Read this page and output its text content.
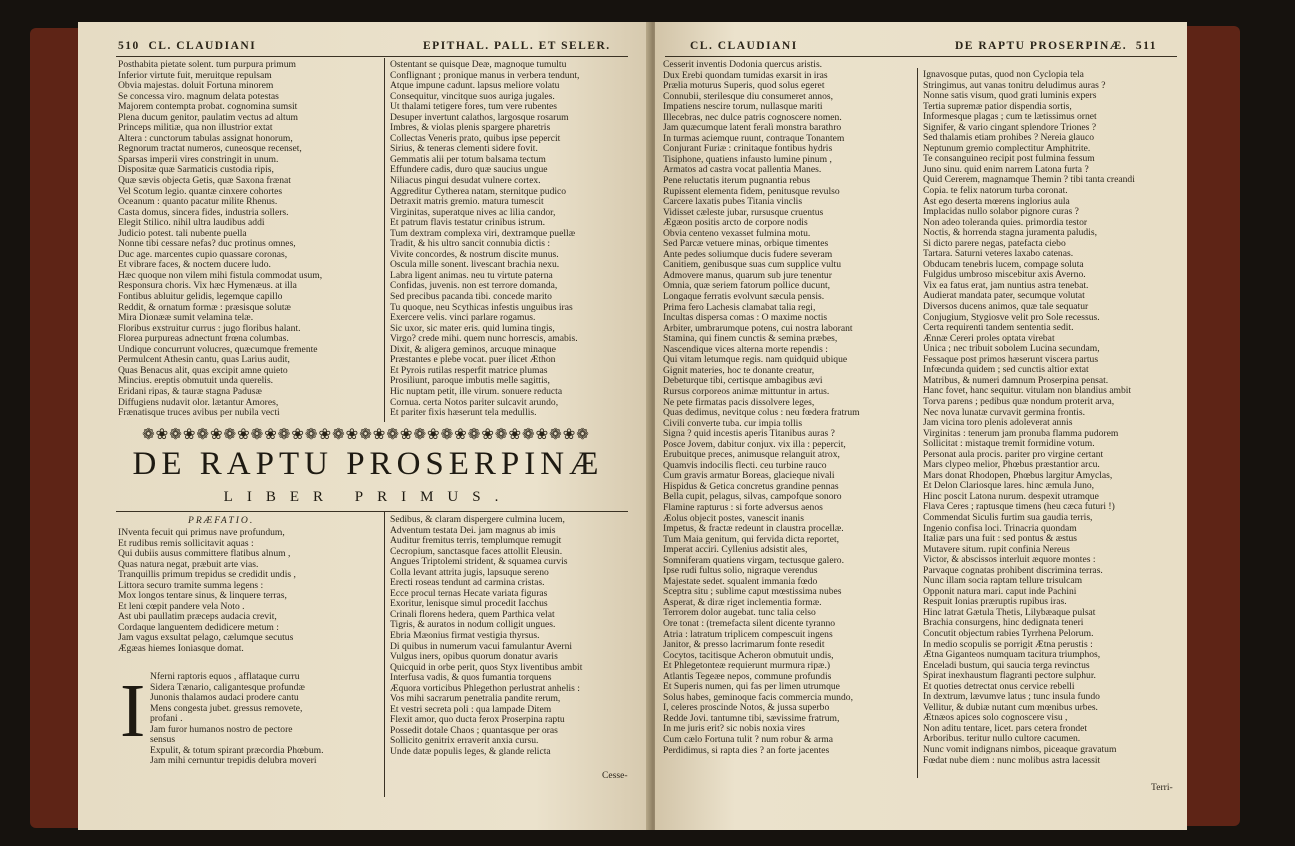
510 CL. CLAUDIANI	EPITHAL. PALL. ET SELER.
Posthabita pietate solent. tum purpura primum
Inferior virtute fuit, meruitque repulsam
Obvia majestas. doluit Fortuna minorem
Se concessa viro. magnum delata potestas
Majorem contempta probat. cognomina sumsit
Plena ducum genitor, paulatim vectus ad altum
Princeps militiæ, qua non illustrior extat
Altera : cunctorum tabulas assignat honorum,
Regnorum tractat numeros, cuneosque recenset,
Sparsas imperii vires constringit in unum.
Dispositæ quæ Sarmaticis custodia ripis,
Quæ sævis objecta Getis, quæ Saxona frænat
Vel Scotum legio. quantæ cinxere cohortes
Oceanum : quanto pacatur milite Rhenus.
Casta domus, sincera fides, industria sollers.
Elegit Stilico. nihil ultra laudibus addi
Judicio potest. tali nubente puella
Nonne tibi cessare nefas? duc protinus omnes,
Duc age. marcentes cupio quassare coronas,
Et vibrare faces, & noctem ducere ludo.
Hæc quoque non vilem mihi fistula commodat usum,
Responsura choris. Vix hæc Hymenæus. at illa
Fontibus abluitur gelidis, legemque capillo
Reddit, & ornatum formæ : præsisque solutæ
Mira Dionææ sumit velamina telæ.
Floribus exstruitur currus : jugo floribus halant.
Florea purpureas adnectunt frœna columbas.
Undique concurrunt volucres, quæcumque fremente
Permulcent Athesin cantu, quas Larius audit,
Quas Benacus alit, quas excipit amne quieto
Mincius. ereptis obmutuit unda querelis.
Eridani ripas, & tauræ stagna Padusæ
Diffugiens nudavit olor. lætantur Amores,
Frænatisque truces avibus per nubila vecti
Ostentant se quisque Deæ, magnoque tumultu
Conflignant ; pronique manus in verbera tendunt,
Atque impune cadunt. lapsus meliore volatu
Consequitur, vincitque suos auriga jugales.
Ut thalami tetigere fores, tum vere rubentes
Desuper invertunt calathos, largosque rosarum
Imbres, & violas plenis spargere pharetris
Collectas Veneris prato, quibus ipse pepercit
Sirius, & teneras clementi sidere fovit.
Gemmatis alii per totum balsama tectum
Effundere cadis, duro quæ saucius ungue
Niliacus pingui desudat vulnere cortex.
Aggreditur Cytherea natam, sternitque pudico
Detraxit matris gremio. matura tumescit
Virginitas, superatque nives ac lilia candor,
Et patrum flavis testatur crinibus istrum.
Tum dextram complexa viri, dextramque puellæ
Tradit, & his ultro sancit connubia dictis :
Vivite concordes, & nostrum discite munus.
Oscula mille sonent. livescant brachia nexu.
Labra ligent animas. neu tu virtute paterna
Confidas, juvenis. non est terrore domanda,
Sed precibus pacanda tibi. concede marito
Tu quoque, neu Scythicas infestis unguibus iras
Exercere velis. vinci parlare rogamus.
Sic uxor, sic mater eris. quid lumina tingis,
Virgo? crede mihi. quem nunc horrescis, amabis.
Dixit, & aligera geminos, arcuque minaque
Præstantes e plebe vocat. puer ilicet Æthon
Et Pyrois rutilas resperfit matrice plumas
Prosiliunt, paroque imbutis melle sagittis,
Hic nuptam petit, ille virum. sonuere reducta
Cornua. certa Notos pariter sulcavit arundo,
Et pariter fixis hæserunt tela medullis.
❁❀❁❀❁❀❁❀❁❀❁❀❁❀❁❀❁❀❁❀❁❀❁❀❁❀❁❀❁❀❁❀❁
DE RAPTU PROSERPINÆ
LIBER PRIMUS.
PRÆFATIO.
INventa fecuit qui primus nave profundum,
Et rudibus remis sollicitavit aquas :
Qui dubiis ausus committere flatibus alnum ,
Quas natura negat, præbuit arte vias.
Tranquillis primum trepidus se credidit undis ,
Littora securo tramite summa legens :
Mox longos tentare sinus, & linquere terras,
Et leni cœpit pandere vela Noto .
Ast ubi paullatim præceps audacia crevit,
Cordaque languentem dedidicere metum :
Jam vagus exsultat pelago, cælumque secutus
Ægæas hiemes Ioniasque domat.
I Nferni raptoris equos , afflataque curru
Sidera Tænario, caligantesque profundæ
Junonis thalamos audaci prodere cantu
Mens congesta jubet. gressus removete,
profani .
Jam furor humanos nostro de pectore
sensus
Expulit, & totum spirant præcordia Phœbum.
Jam mihi cernuntur trepidis delubra moveri
Sedibus, & claram dispergere culmina lucem,
Adventum testata Dei. jam magnus ab imis
Auditur fremitus terris, templumque remugit
Cecropium, sanctasque faces attollit Eleusin.
Angues Triptolemi strident, & squamea curvis
Colla levant attrita jugis, lapsuque sereno
Erecti roseas tendunt ad carmina cristas.
Ecce procul ternas Hecate variata figuras
Exoritur, lenisque simul procedit Iacchus
Crinali florens hedera, quem Parthica velat
Tigris, & auratos in nodum colligit ungues.
Ebria Mæonius firmat vestigia thyrsus.
Di quibus in numerum vacui famulantur Averni
Vulgus iners, opibus quorum donatur avaris
Quicquid in orbe perit, quos Styx liventibus ambit
Interfusa vadis, & quos fumantia torquens
Æquora vorticibus Phlegethon perlustrat anhelis :
Vos mihi sacrarum penetralia pandite rerum,
Et vestri secreta poli : qua lampade Ditem
Flexit amor, quo ducta ferox Proserpina raptu
Possedit dotale Chaos ; quantasque per oras
Sollicito genitrix erraverit anxia cursu.
Unde datæ populis leges, & glande relicta
Cesse-
CL. CLAUDIANI	DE RAPTU PROSERPINÆ. 511
Cesserit inventis Dodonia quercus aristis.
Dux Erebi quondam tumidas exarsit in iras
Prælia moturus Superis, quod solus egeret
Connubii, sterilesque diu consumeret annos,
Impatiens nescire torum, nullasque mariti
Illecebras, nec dulce patris cognoscere nomen.
Jam quæcumque latent feralì monstra barathro
In turmas aciemque ruunt, contraque Tonantem
Conjurant Furiæ : crinitaque fontibus hydris
Tisiphone, quatiens infausto lumine pinum ,
Armatos ad castra vocat pallentia Manes.
Pene reluctatis iterum pugnantia rebus
Rupissent elementa fidem, penitusque revulso
Carcere laxatis pubes Titania vinclis
Vidisset cælestе jubar, rursusque cruentus
Ægæon positis arcto de corpore nodis
Obvia centeno vexasset fulmina motu.
Sed Parcæ vetuere minas, orbique timentes
Ante pedes soliumque ducis fudere severam
Canitiem, genibusque suas cum supplice vultu
Admovere manus, quarum sub jure tenentur
Omnia, quæ seriem fatorum pollice ducunt,
Longaque ferratis evolvunt sæcula pensis.
Prima fero Lachesis clamabat talia regi,
Incultas dispersa comas : O maxime noctis
Arbiter, umbrarumque potens, cui nostra laborant
Stamina, qui finem cunctis & semina præbes,
Nascendique vices alterna morte rependis :
Qui vitam letumque regis. nam quidquid ubique
Gignit materies, hoc te donante creatur,
Debeturque tibi, certisque ambagibus ævi
Rursus corporeos animæ mittuntur in artus.
Ne pete firmatas pacis dissolvere leges,
Quas dedimus, nevitque colus : neu fœdera fratrum
Civili converte tuba. cur impia tollis
Signa ? quid incestis aperis Titanibus auras ?
Posce Jovem, dabitur conjux. vix illa : pepercit,
Erubuitque preces, animusque relanguit atrox,
Quamvis indocilis flecti. ceu turbine rauco
Cum gravis armatur Boreas, glacieque nivali
Hispidus & Getica concretus grandine pennas
Bella cupit, pelagus, silvas, campofque sonoro
Flamine rapturus : si forte adversus aenos
Æolus objecit postes, vanescit inanis
Impetus, & fractæ redeunt in claustra procellæ.
Tum Maia genitum, qui fervida dicta reportet,
Imperat acciri. Cyllenius adsistit ales,
Somniferam quatiens virgam, tectusque galero.
Ipse rudi fultus solio, nigraque verendus
Majestate sedet. squalent immania fœdo
Sceptra situ ; sublime caput mœstissima nubes
Asperat, & diræ riget inclementia formæ.
Terrorem dolor augebat. tunc talia celso
Ore tonat : (tremefacta silent dicente tyranno
Atria : latratum triplicem compescuit ingens
Janitor, & presso lacrimarum fonte resedit
Cocytos, tacitisque Acheron obmutuit undis,
Et Phlegetonteæ requierunt murmura ripæ.)
Atlantis Tegeæe nepos, commune profundis
Et Superis numen, qui fas per limen utrumque
Solus habes, geminoque facis commercia mundo,
I, celeres proscinde Notos, & jussa superbo
Redde Jovi. tantumne tibi, sævissime fratrum,
In me juris erit? sic nobis noxia vires
Cum cælo Fortuna tulit ? num robur & arma
Perdidimus, si rapta dies ? an forte jacentes
Ignavosque putas, quod non Cyclopia tela
Stringimus, aut vanas tonitru deludimus auras ?
Nonne satis visum, quod grati luminis expers
Tertia supremæ patior dispendia sortis,
Informesque plagas ; cum te lætissimus ornet
Signifer, & vario cingant splendore Triones ?
Sed thalamis etiam prohibes ? Nereia glauco
Neptunum gremio complectitur Amphitrite.
Te consanguineo recipit post fulmina fessum
Juno sinu. quid enim narrem Latona furta ?
Quid Cererem, magnamque Themin ? tibi tanta creandi
Copia. te felix natorum turba coronat.
Ast ego deserta mœrens inglorius aula
Implacidas nullo solabor pignore curas ?
Non adeo toleranda quies. primordia testor
Noctis, & horrenda stagna juramenta paludis,
Si dicto parere negas, patefacta ciebo
Tartara. Saturni veteres laxabo catenas.
Obducam tenebris lucem, compage soluta
Fulgidus umbroso miscebitur axis Averno.
Vix ea fatus erat, jam nuntius astra tenebat.
Audierat mandata pater, secumque volutat
Diversos ducens animos, quæ tale sequatur
Conjugium, Stygiosve velit pro Sole recessus.
Certa requirenti tandem sententia sedit.
Ænnæ Cereri proles optata virebat
Unica ; nec tribuit sobolem Lucina secundam,
Fessaque post primos hæserunt viscera partus
Infœcunda quidem ; sed cunctis altior extat
Matribus, & numeri damnum Proserpina pensat.
Hanc fovet, hanc sequitur. vitulam non blandius ambit
Torva parens ; pedibus quæ nondum proterit arva,
Nec nova lunatæ curvavit germina frontis.
Jam vicina toro plenis adoleverat annis
Virginitas : tenerum jam pronuba flamma pudorem
Sollicitat : mistaque tremit formidine votum.
Personat aula procis. pariter pro virgine certant
Mars clypeo melior, Phœbus præstantior arcu.
Mars donat Rhodopen, Phœbus largitur Amyclas,
Et Delon Clariosque lares. hinc æmula Juno,
Hinc poscit Latona nurum. despexit utramque
Flava Ceres ; raptusque timens (heu cæca futuri !)
Commendat Siculis furtim sua gaudia terris,
Ingenio confisa loci. Trinacria quondam
Italiæ pars una fuit : sed pontus & æstus
Mutavere situm. rupit confinia Nereus
Victor, & abscissos interluit æquore montes :
Parvaque cognatas prohibent discrimina terras.
Nunc illam socia raptam tellure trisulcam
Opponit natura mari. caput inde Pachini
Respuit Ionias præruptis rupibus iras.
Hinc latrat Gætula Thetis, Lilybæaque pulsat
Brachia consurgens, hinc dedignata teneri
Concutit objectum rabies Tyrrhena Pelorum.
In medio scopulis se porrigit Ætna perustis :
Ætna Giganteos numquam tacitura triumphos,
Enceladi bustum, qui saucia terga revinctus
Spirat inexhaustum flagranti pectore sulphur.
Et quoties detrectat onus cervice rebelli
In dextrum, lævumve latus ; tunc insula fundo
Vellitur, & dubiæ nutant cum mœnibus urbes.
Ætnæos apices solo cognoscere visu ,
Non aditu tentare, licet. pars cetera frondet
Arboribus. teritur nullo cultore cacumen.
Nunc vomit indignans nimbos, piceaque gravatum
Fœdat nube diem : nunc molibus astra lacessit
Terri-
